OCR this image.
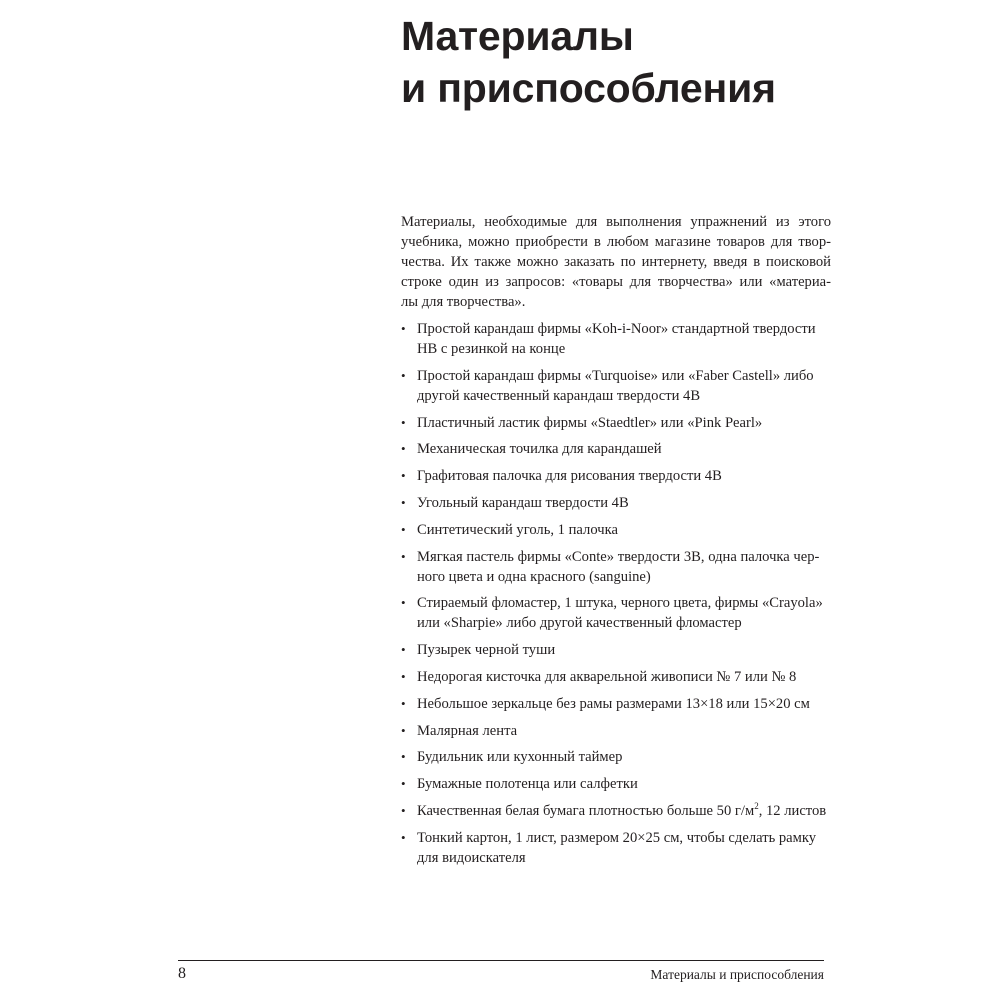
Материалы
и приспособления

Материалы, необходимые для выполнения упражнений из этого
учебника, можно приобрести в любом магазине товаров для твор-
чества. Их также можно заказать по интернету, введя в поисковой
строке один из запросов: «товары для творчества» или «материа-
лы для творчества».

• Простой карандаш фирмы «Koh-i-Noor» стандартной твердости
HB с резинкой на конце
• Простой карандаш фирмы «Turquoise» или «Faber Castell» либо
другой качественный карандаш твердости 4B
• Пластичный ластик фирмы «Staedtler» или «Pink Pearl»
• Механическая точилка для карандашей
• Графитовая палочка для рисования твердости 4B
• Угольный карандаш твердости 4B
• Синтетический уголь, 1 палочка
• Мягкая пастель фирмы «Conte» твердости 3B, одна палочка чер-
ного цвета и одна красного (sanguine)
• Стираемый фломастер, 1 штука, черного цвета, фирмы «Crayola»
или «Sharpie» либо другой качественный фломастер
• Пузырек черной туши
• Недорогая кисточка для акварельной живописи № 7 или № 8
• Небольшое зеркальце без рамы размерами 13×18 или 15×20 см
• Малярная лента
• Будильник или кухонный таймер
• Бумажные полотенца или салфетки
• Качественная белая бумага плотностью больше 50 $г/м^2$, 12 листов
• Тонкий картон, 1 лист, размером 20×25 см, чтобы сделать рамку
для видоискателя
8	Материалы и приспособления
